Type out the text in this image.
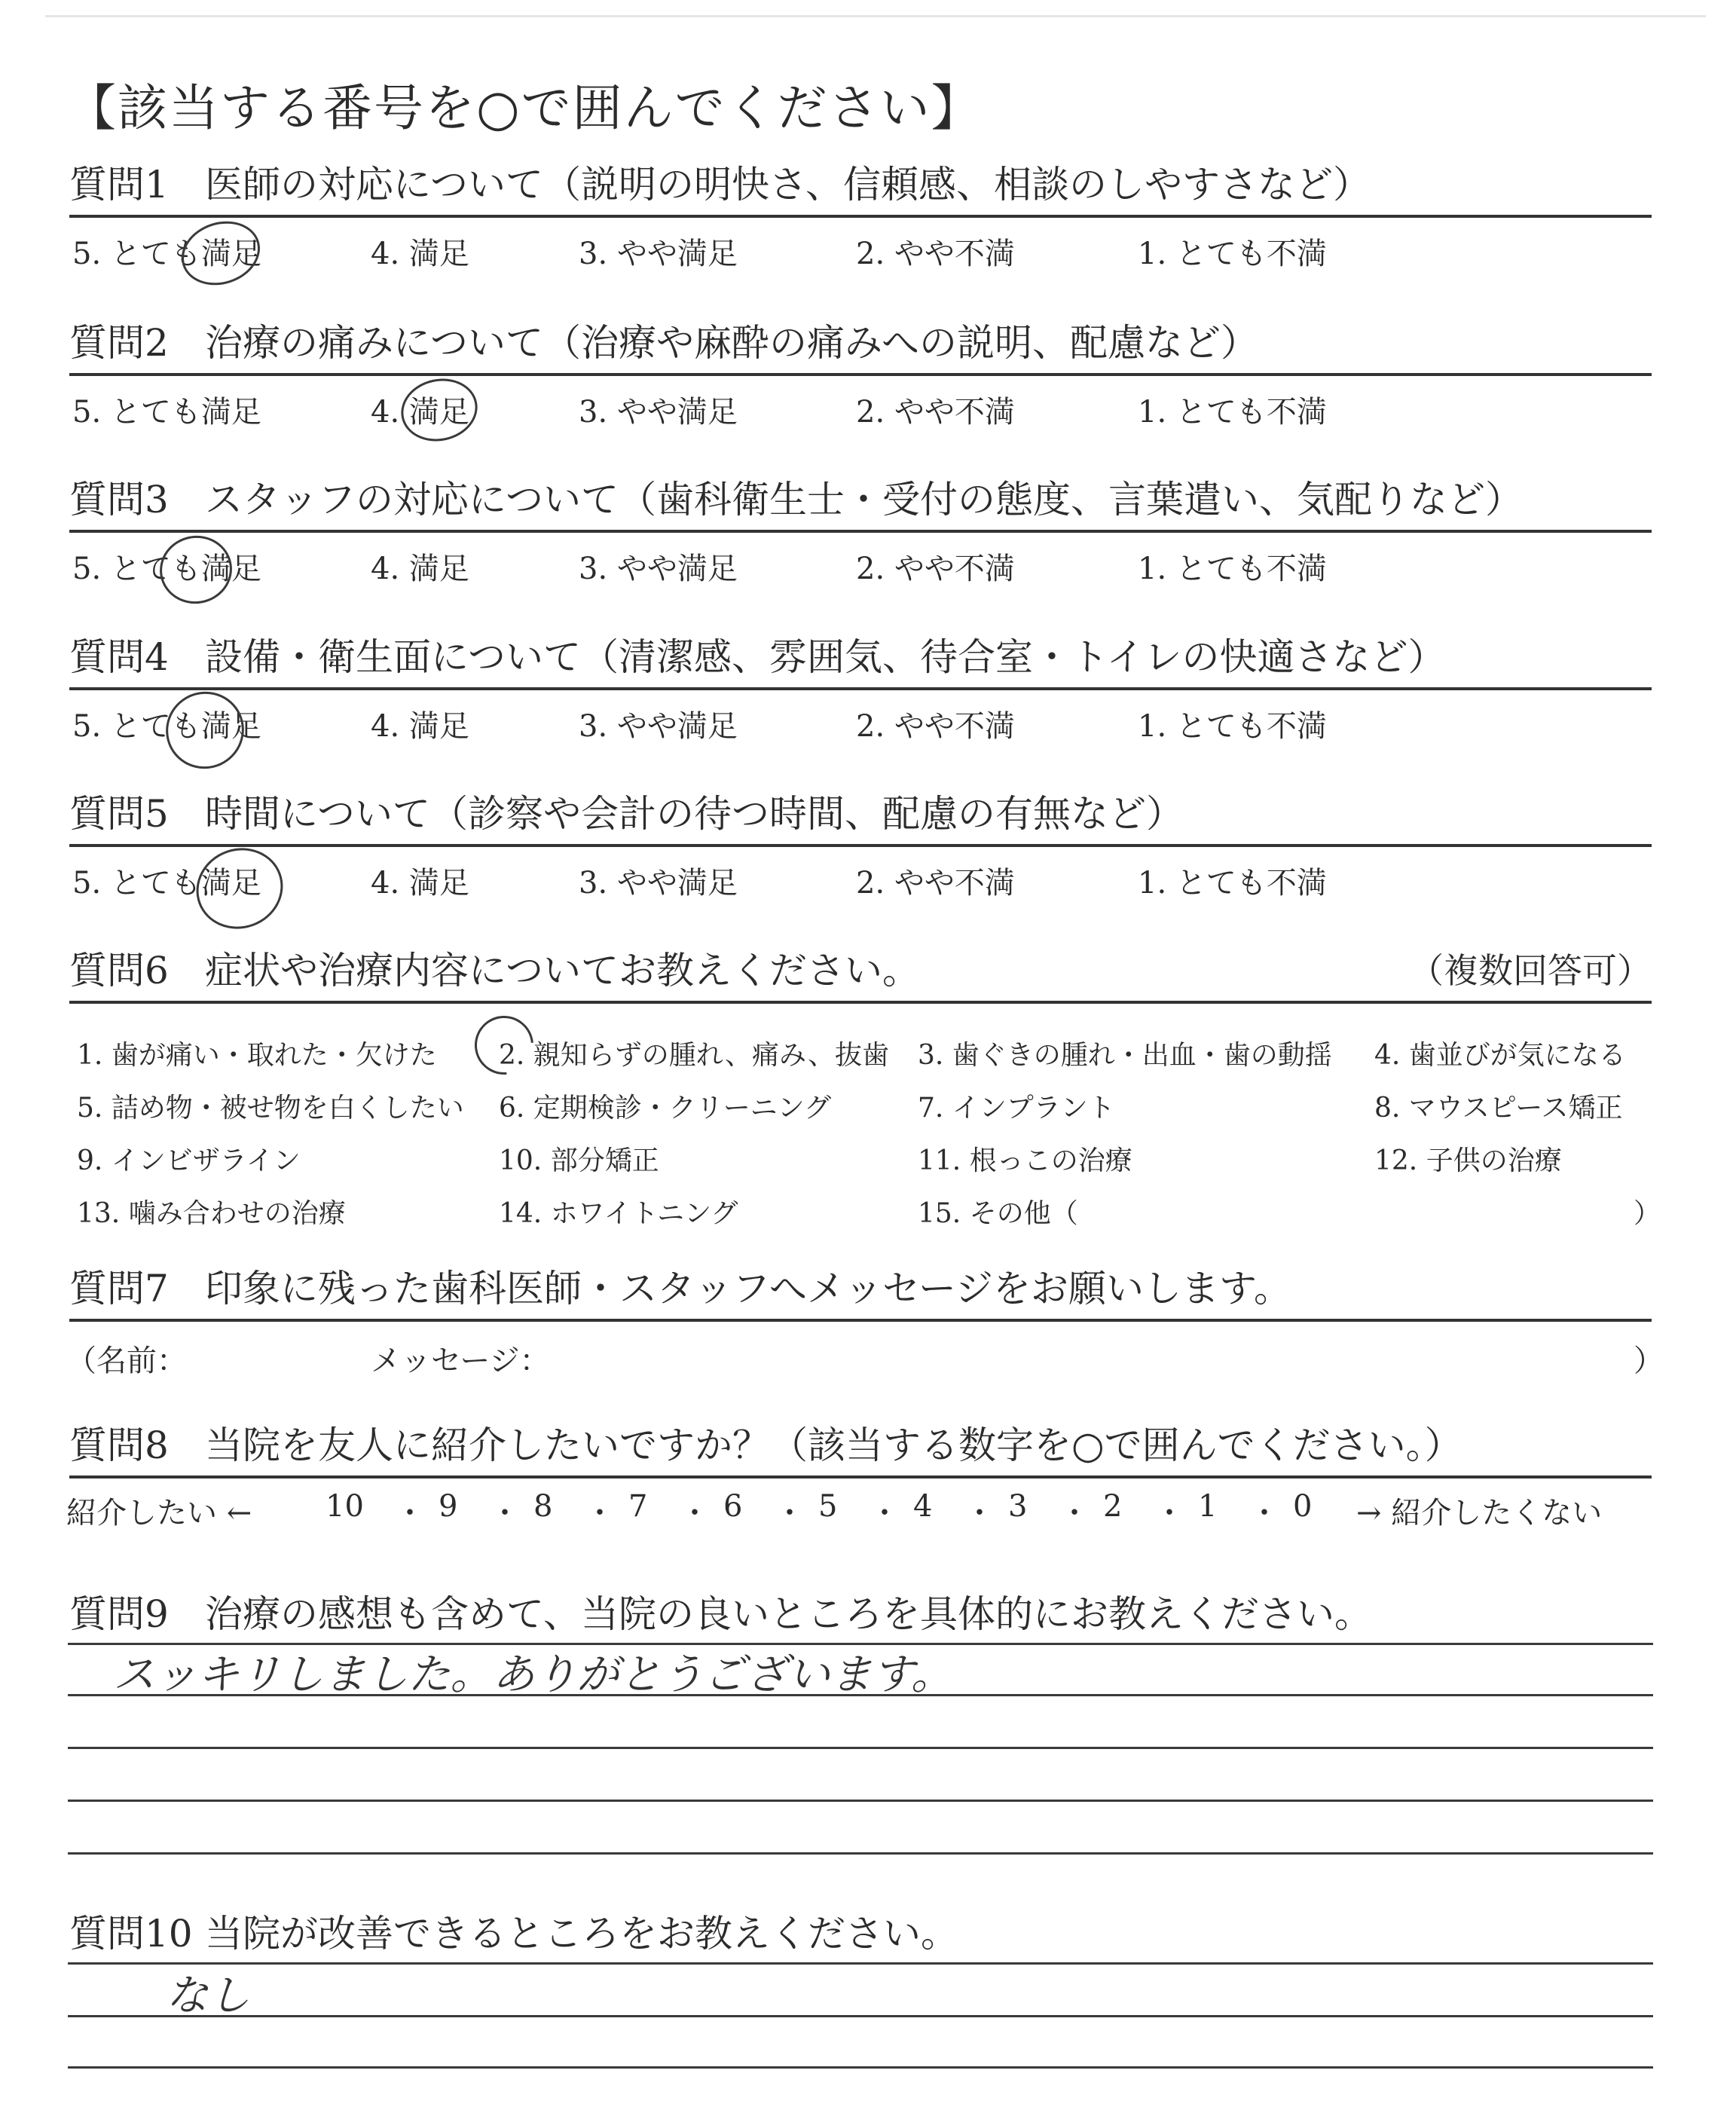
【該当する番号を○で囲んでください】
質問1 医師の対応について（説明の明快さ、信頼感、相談のしやすさなど）
5. とても満足	4. 満足	3. やや満足	2. やや不満	1. とても不満
質問2 治療の痛みについて（治療や麻酔の痛みへの説明、配慮など）
5. とても満足	4. 満足	3. やや満足	2. やや不満	1. とても不満
質問3 スタッフの対応について（歯科衛生士・受付の態度、言葉遣い、気配りなど）
5. とても満足	4. 満足	3. やや満足	2. やや不満	1. とても不満
質問4 設備・衛生面について（清潔感、雰囲気、待合室・トイレの快適さなど）
5. とても満足	4. 満足	3. やや満足	2. やや不満	1. とても不満
質問5 時間について（診察や会計の待つ時間、配慮の有無など）
5. とても満足	4. 満足	3. やや満足	2. やや不満	1. とても不満
質問6 症状や治療内容についてお教えください。	（複数回答可）
1. 歯が痛い・取れた・欠けた 2. 親知らずの腫れ、痛み、抜歯 3. 歯ぐきの腫れ・出血・歯の動揺 4. 歯並びが気になる
5. 詰め物・被せ物を白くしたい 6. 定期検診・クリーニング	7. インプラント	8. マウスピース矯正
9. インビザライン	10. 部分矯正	11. 根っこの治療	12. 子供の治療
13. 噛み合わせの治療	14. ホワイトニング	15. その他（	）
質問7 印象に残った歯科医師・スタッフへメッセージをお願いします。
（名前：	メッセージ：	）
質問8 当院を友人に紹介したいですか？（該当する数字を○で囲んでください。）
紹介したい ← 10 ・ 9 ・ 8 ・ 7 ・ 6 ・ 5 ・ 4 ・ 3 ・ 2 ・ 1 ・ 0 → 紹介したくない
質問9 治療の感想も含めて、当院の良いところを具体的にお教えください。
スッキリしました。ありがとうございます。
質問10 当院が改善できるところをお教えください。
なし
